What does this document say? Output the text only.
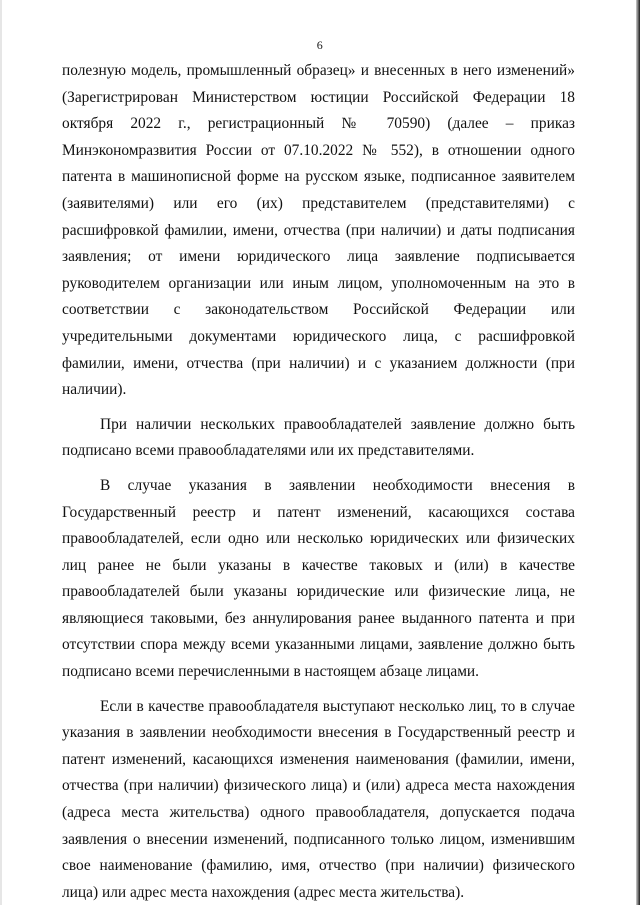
6

полезную модель, промышленный образец» и внесенных в него изменений» (Зарегистрирован Министерством юстиции Российской Федерации 18 октября 2022 г., регистрационный № 70590) (далее – приказ Минэкономразвития России от 07.10.2022 № 552), в отношении одного патента в машинописной форме на русском языке, подписанное заявителем (заявителями) или его (их) представителем (представителями) с расшифровкой фамилии, имени, отчества (при наличии) и даты подписания заявления; от имени юридического лица заявление подписывается руководителем организации или иным лицом, уполномоченным на это в соответствии с законодательством Российской Федерации или учредительными документами юридического лица, с расшифровкой фамилии, имени, отчества (при наличии) и с указанием должности (при наличии).

При наличии нескольких правообладателей заявление должно быть подписано всеми правообладателями или их представителями.

В случае указания в заявлении необходимости внесения в Государственный реестр и патент изменений, касающихся состава правообладателей, если одно или несколько юридических или физических лиц ранее не были указаны в качестве таковых и (или) в качестве правообладателей были указаны юридические или физические лица, не являющиеся таковыми, без аннулирования ранее выданного патента и при отсутствии спора между всеми указанными лицами, заявление должно быть подписано всеми перечисленными в настоящем абзаце лицами.

Если в качестве правообладателя выступают несколько лиц, то в случае указания в заявлении необходимости внесения в Государственный реестр и патент изменений, касающихся изменения наименования (фамилии, имени, отчества (при наличии) физического лица) и (или) адреса места нахождения (адреса места жительства) одного правообладателя, допускается подача заявления о внесении изменений, подписанного только лицом, изменившим свое наименование (фамилию, имя, отчество (при наличии) физического лица) или адрес места нахождения (адрес места жительства).
